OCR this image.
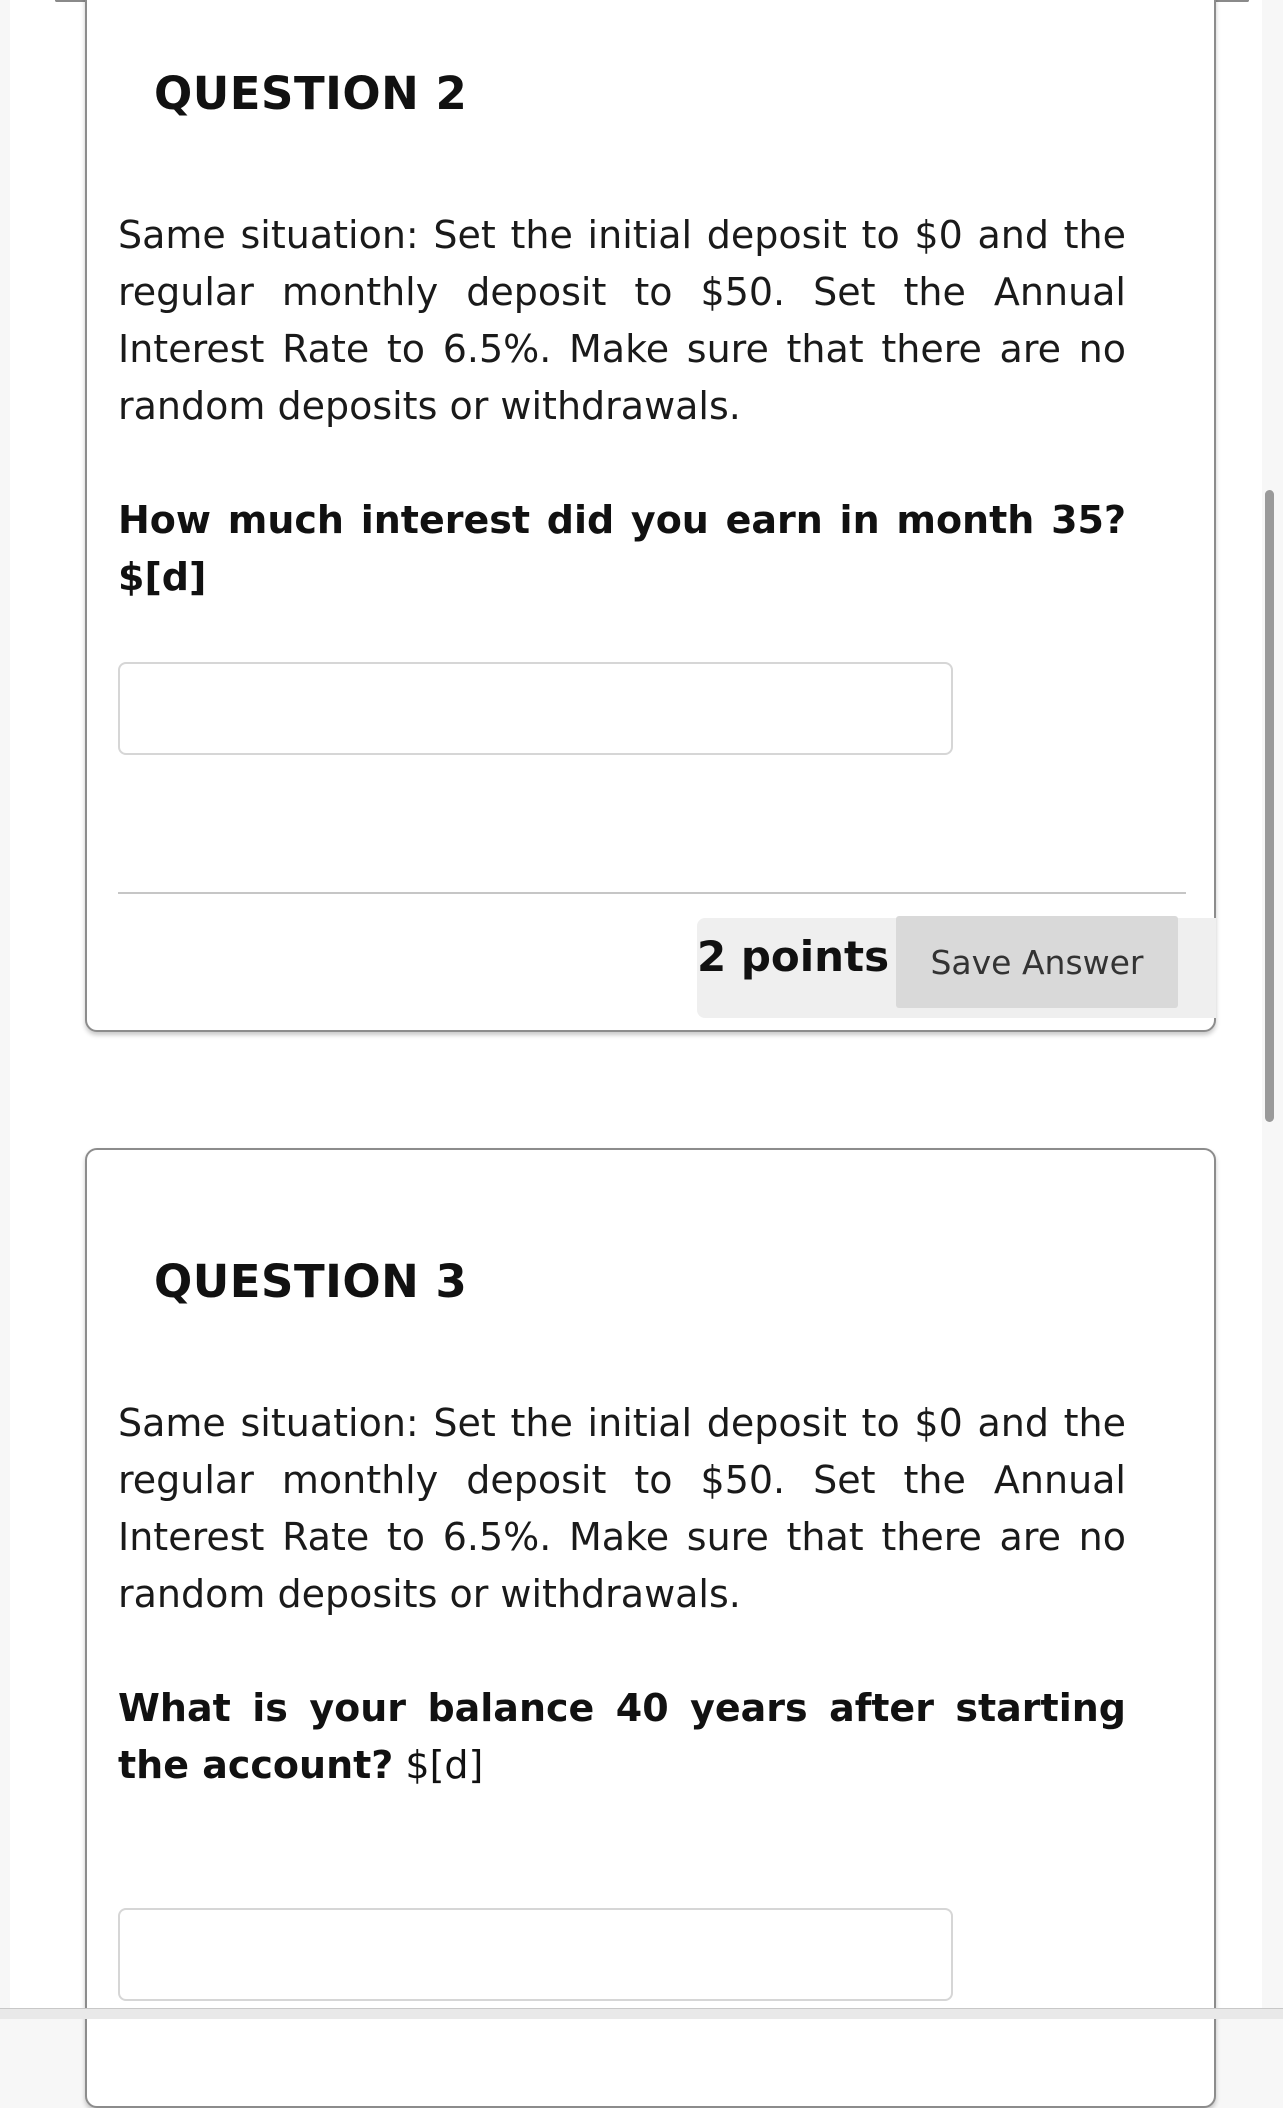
QUESTION 2
Same situation: Set the initial deposit to $0 and the regular monthly deposit to $50. Set the Annual Interest Rate to 6.5%. Make sure that there are no random deposits or withdrawals.
How much interest did you earn in month 35? $[d]
2 points	Save Answer
QUESTION 3
Same situation: Set the initial deposit to $0 and the regular monthly deposit to $50. Set the Annual Interest Rate to 6.5%. Make sure that there are no random deposits or withdrawals.
What is your balance 40 years after starting the account? $[d]
